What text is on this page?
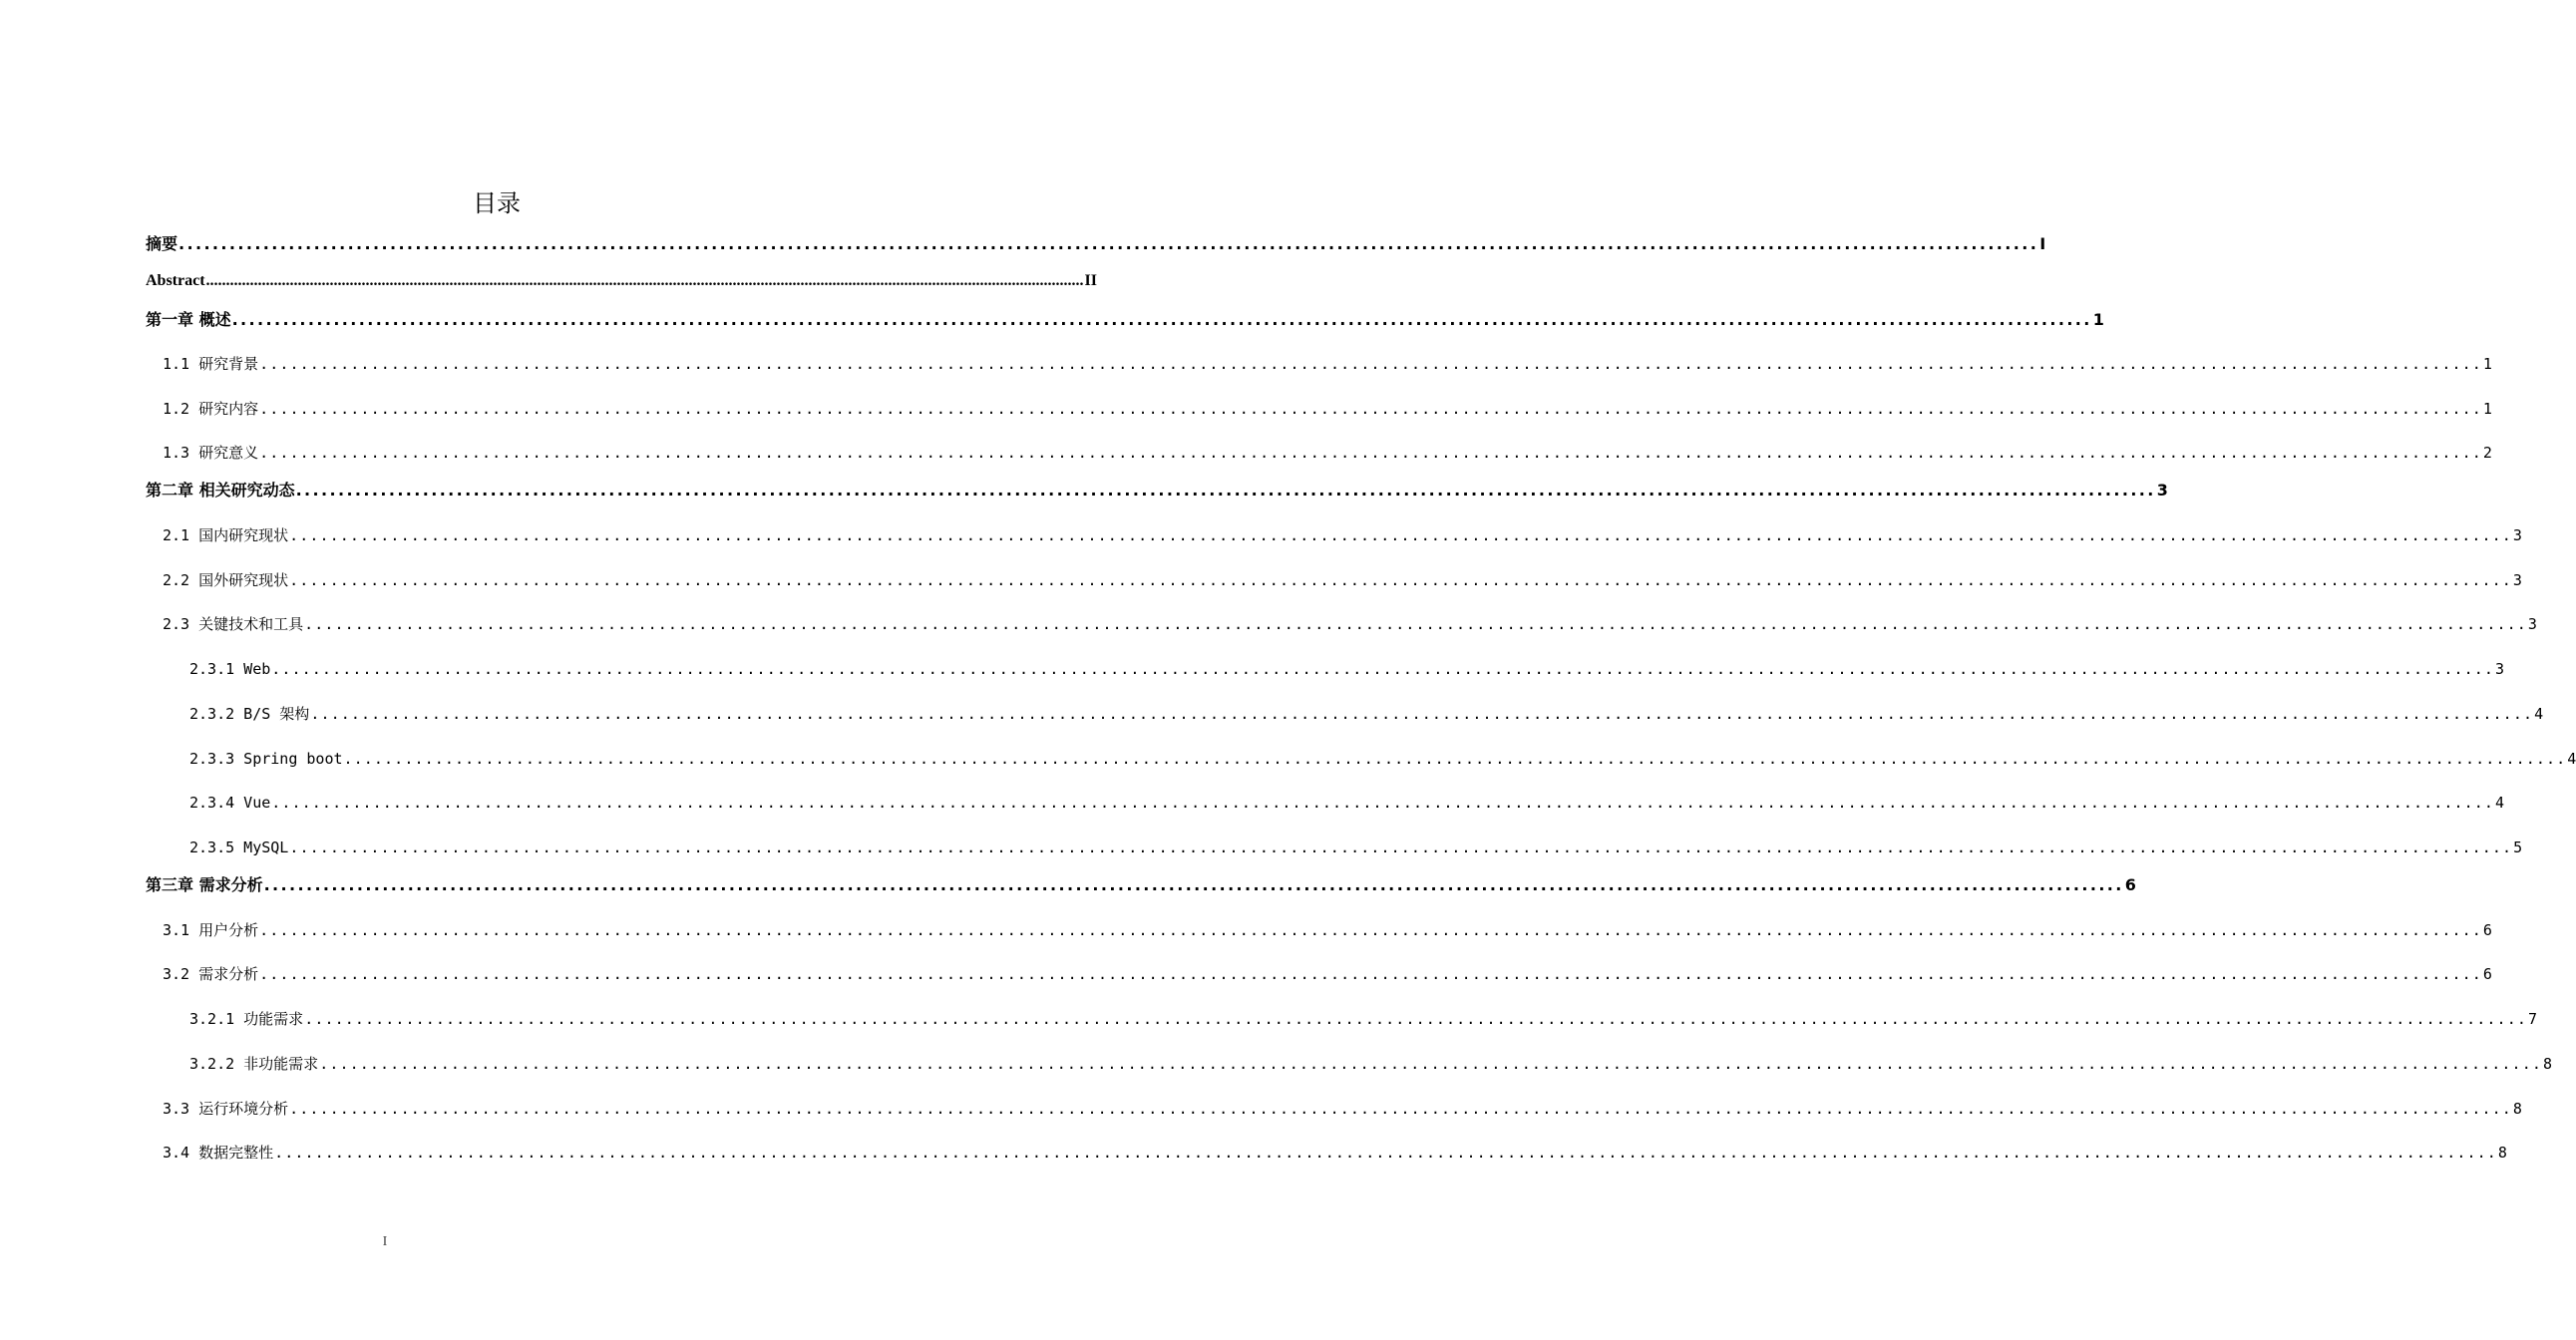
目录
摘要 ............................................................................................................................................................................................................................ I
Abstract ............................................................................................................................................................................................................................ II
第一章 概述 ............................................................................................................................................................................................................................ 1
1.1 研究背景 ............................................................................................................................................................................................................................ 1
1.2 研究内容 ............................................................................................................................................................................................................................ 1
1.3 研究意义 ............................................................................................................................................................................................................................ 2
第二章 相关研究动态 ............................................................................................................................................................................................................................ 3
2.1 国内研究现状 ............................................................................................................................................................................................................................ 3
2.2 国外研究现状 ............................................................................................................................................................................................................................ 3
2.3 关键技术和工具 ............................................................................................................................................................................................................................ 3
2.3.1 Web ............................................................................................................................................................................................................................ 3
2.3.2 B/S 架构 ............................................................................................................................................................................................................................ 4
2.3.3 Spring boot ............................................................................................................................................................................................................................ 4
2.3.4 Vue ............................................................................................................................................................................................................................ 4
2.3.5 MySQL ............................................................................................................................................................................................................................ 5
第三章 需求分析 ............................................................................................................................................................................................................................ 6
3.1 用户分析 ............................................................................................................................................................................................................................ 6
3.2 需求分析 ............................................................................................................................................................................................................................ 6
3.2.1 功能需求 ............................................................................................................................................................................................................................ 7
3.2.2 非功能需求 ............................................................................................................................................................................................................................ 8
3.3 运行环境分析 ............................................................................................................................................................................................................................ 8
3.4 数据完整性 ............................................................................................................................................................................................................................ 8
I
